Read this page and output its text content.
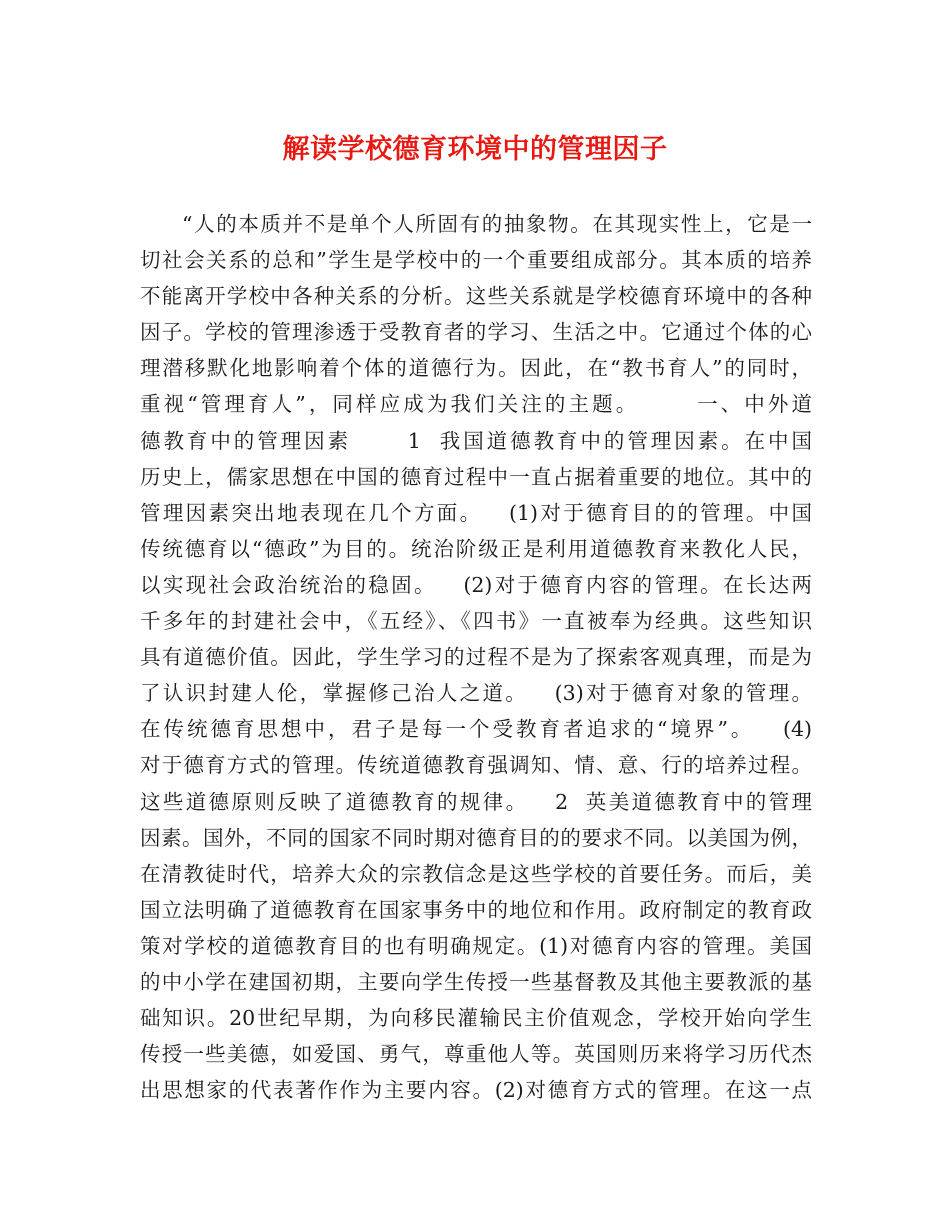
解读学校德育环境中的管理因子
“人的本质并不是单个人所固有的抽象物。在其现实性上，它是一
切社会关系的总和”学生是学校中的一个重要组成部分。其本质的培养
不能离开学校中各种关系的分析。这些关系就是学校德育环境中的各种
因子。学校的管理渗透于受教育者的学习、生活之中。它通过个体的心
理潜移默化地影响着个体的道德行为。因此，在“教书育人”的同时，
重视“管理育人”，同样应成为我们关注的主题。      一、中外道
德教育中的管理因素      1  我国道德教育中的管理因素。在中国
历史上，儒家思想在中国的德育过程中一直占据着重要的地位。其中的
管理因素突出地表现在几个方面。   (1)对于德育目的的管理。中国
传统德育以“德政”为目的。统治阶级正是利用道德教育来教化人民，
以实现社会政治统治的稳固。   (2)对于德育内容的管理。在长达两
千多年的封建社会中，《五经》、《四书》一直被奉为经典。这些知识
具有道德价值。因此，学生学习的过程不是为了探索客观真理，而是为
了认识封建人伦，掌握修己治人之道。   (3)对于德育对象的管理。
在传统德育思想中，君子是每一个受教育者追求的“境界”。   (4)
对于德育方式的管理。传统道德教育强调知、情、意、行的培养过程。
这些道德原则反映了道德教育的规律。   2  英美道德教育中的管理
因素。国外，不同的国家不同时期对德育目的的要求不同。以美国为例，
在清教徒时代，培养大众的宗教信念是这些学校的首要任务。而后，美
国立法明确了道德教育在国家事务中的地位和作用。政府制定的教育政
策对学校的道德教育目的也有明确规定。(1)对德育内容的管理。美国
的中小学在建国初期，主要向学生传授一些基督教及其他主要教派的基
础知识。20世纪早期，为向移民灌输民主价值观念，学校开始向学生
传授一些美德，如爱国、勇气，尊重他人等。英国则历来将学习历代杰
出思想家的代表著作作为主要内容。(2)对德育方式的管理。在这一点
